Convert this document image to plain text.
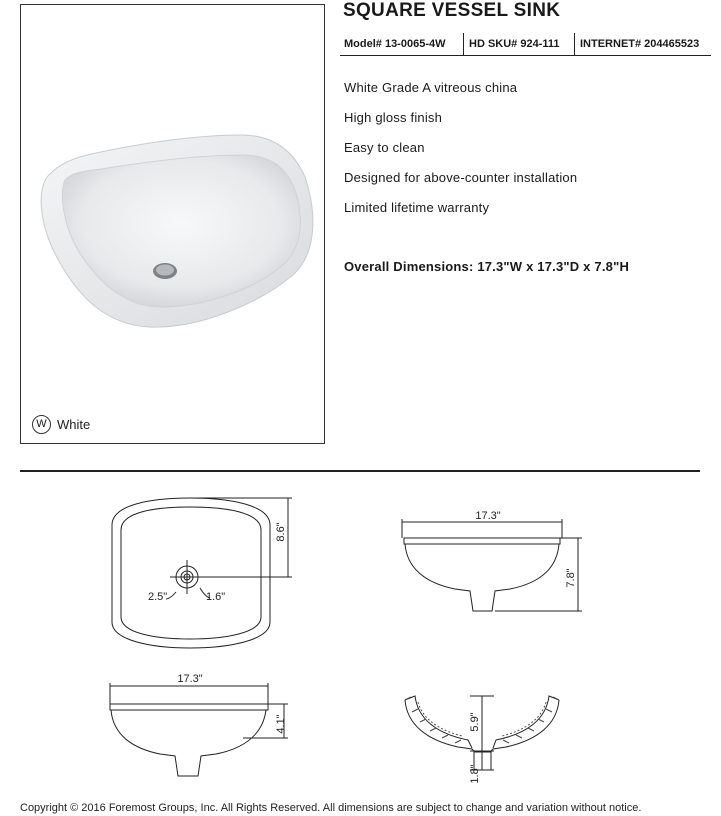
W White
SQUARE VESSEL SINK
Model# 13-0065-4W	HD SKU# 924-111	INTERNET# 204465523
White Grade A vitreous china
High gloss finish
Easy to clean
Designed for above-counter installation
Limited lifetime warranty
Overall Dimensions: 17.3"W x 17.3"D x 7.8"H
8.6"
2.5"	1.6"
17.3"
4.1"
17.3"
7.8"
5.9"
1.8"
Copyright © 2016 Foremost Groups, Inc. All Rights Reserved. All dimensions are subject to change and variation without notice.
